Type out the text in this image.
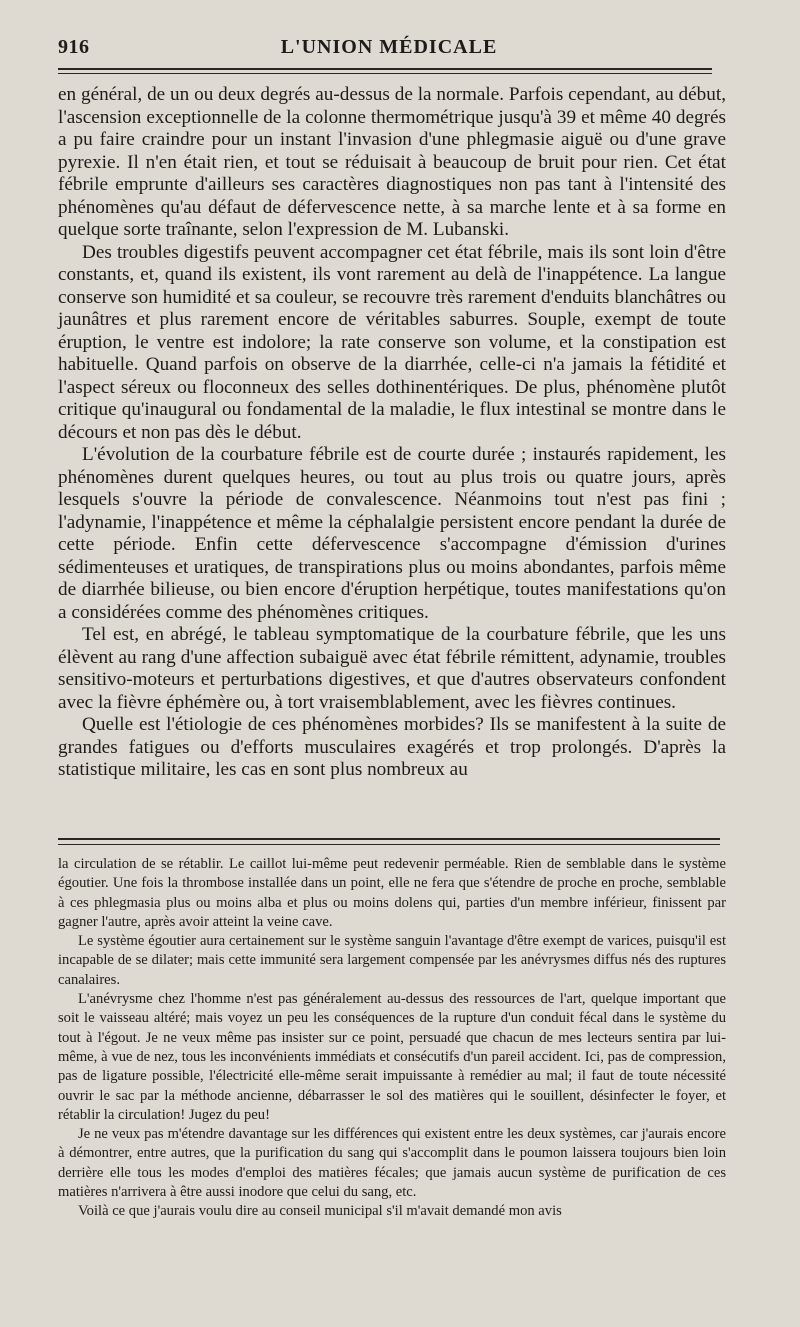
916	L'UNION MÉDICALE

en général, de un ou deux degrés au-dessus de la normale. Parfois cependant, au début, l'ascension exceptionnelle de la colonne thermométrique jusqu'à 39 et même 40 degrés a pu faire craindre pour un instant l'invasion d'une phlegmasie aiguë ou d'une grave pyrexie. Il n'en était rien, et tout se réduisait à beaucoup de bruit pour rien. Cet état fébrile emprunte d'ailleurs ses caractères diagnostiques non pas tant à l'intensité des phénomènes qu'au défaut de défervescence nette, à sa marche lente et à sa forme en quelque sorte traînante, selon l'expression de M. Lubanski.

Des troubles digestifs peuvent accompagner cet état fébrile, mais ils sont loin d'être constants, et, quand ils existent, ils vont rarement au delà de l'inappétence. La langue conserve son humidité et sa couleur, se recouvre très rarement d'enduits blanchâtres ou jaunâtres et plus rarement encore de véritables saburres. Souple, exempt de toute éruption, le ventre est indolore; la rate conserve son volume, et la constipation est habituelle. Quand parfois on observe de la diarrhée, celle-ci n'a jamais la fétidité et l'aspect séreux ou floconneux des selles dothinentériques. De plus, phénomène plutôt critique qu'inaugural ou fondamental de la maladie, le flux intestinal se montre dans le décours et non pas dès le début.

L'évolution de la courbature fébrile est de courte durée ; instaurés rapidement, les phénomènes durent quelques heures, ou tout au plus trois ou quatre jours, après lesquels s'ouvre la période de convalescence. Néanmoins tout n'est pas fini ; l'adynamie, l'inappétence et même la céphalalgie persistent encore pendant la durée de cette période. Enfin cette défervescence s'accompagne d'émission d'urines sédimenteuses et uratiques, de transpirations plus ou moins abondantes, parfois même de diarrhée bilieuse, ou bien encore d'éruption herpétique, toutes manifestations qu'on a considérées comme des phénomènes critiques.

Tel est, en abrégé, le tableau symptomatique de la courbature fébrile, que les uns élèvent au rang d'une affection subaiguë avec état fébrile rémittent, adynamie, troubles sensitivo-moteurs et perturbations digestives, et que d'autres observateurs confondent avec la fièvre éphémère ou, à tort vraisemblablement, avec les fièvres continues.

Quelle est l'étiologie de ces phénomènes morbides? Ils se manifestent à la suite de grandes fatigues ou d'efforts musculaires exagérés et trop prolongés. D'après la statistique militaire, les cas en sont plus nombreux au

la circulation de se rétablir. Le caillot lui-même peut redevenir perméable. Rien de semblable dans le système égoutier. Une fois la thrombose installée dans un point, elle ne fera que s'étendre de proche en proche, semblable à ces phlegmasia plus ou moins alba et plus ou moins dolens qui, parties d'un membre inférieur, finissent par gagner l'autre, après avoir atteint la veine cave.

Le système égoutier aura certainement sur le système sanguin l'avantage d'être exempt de varices, puisqu'il est incapable de se dilater; mais cette immunité sera largement compensée par les anévrysmes diffus nés des ruptures canalaires.

L'anévrysme chez l'homme n'est pas généralement au-dessus des ressources de l'art, quelque important que soit le vaisseau altéré; mais voyez un peu les conséquences de la rupture d'un conduit fécal dans le système du tout à l'égout. Je ne veux même pas insister sur ce point, persuadé que chacun de mes lecteurs sentira par lui-même, à vue de nez, tous les inconvénients immédiats et consécutifs d'un pareil accident. Ici, pas de compression, pas de ligature possible, l'électricité elle-même serait impuissante à remédier au mal; il faut de toute nécessité ouvrir le sac par la méthode ancienne, débarrasser le sol des matières qui le souillent, désinfecter le foyer, et rétablir la circulation! Jugez du peu!

Je ne veux pas m'étendre davantage sur les différences qui existent entre les deux systèmes, car j'aurais encore à démontrer, entre autres, que la purification du sang qui s'accomplit dans le poumon laissera toujours bien loin derrière elle tous les modes d'emploi des matières fécales; que jamais aucun système de purification de ces matières n'arrivera à être aussi inodore que celui du sang, etc.

Voilà ce que j'aurais voulu dire au conseil municipal s'il m'avait demandé mon avis
